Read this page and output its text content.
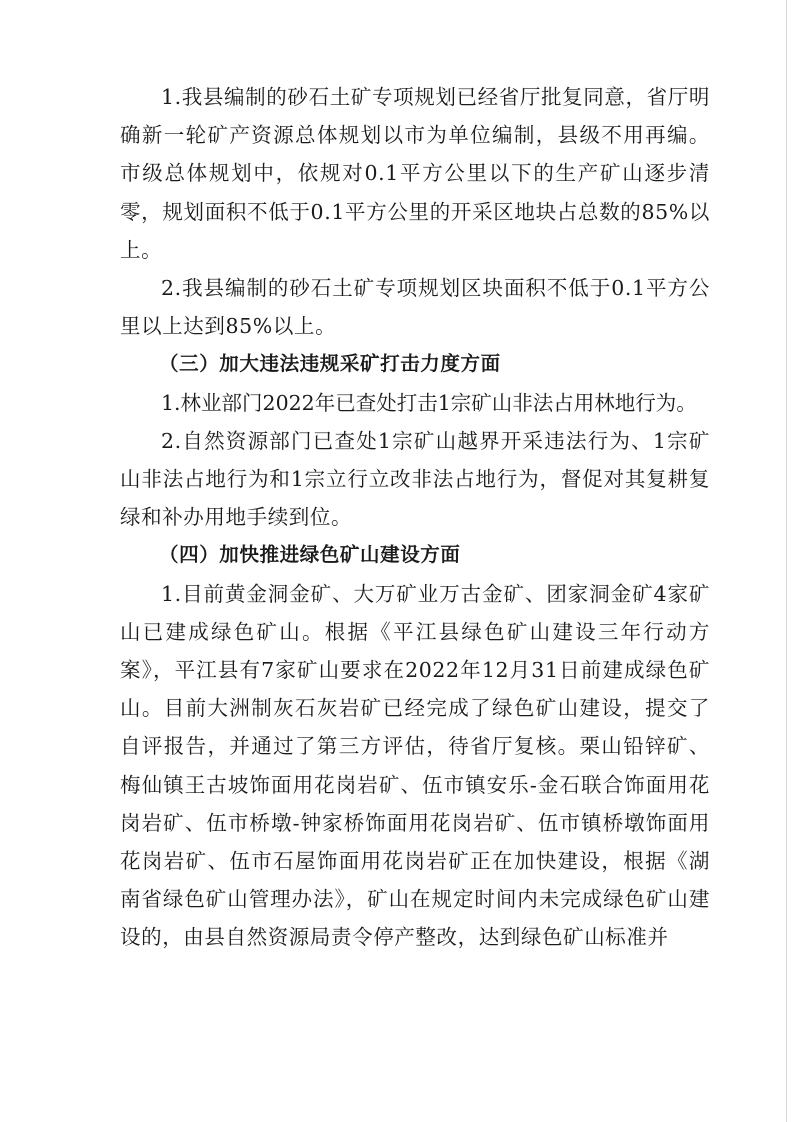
1.我县编制的砂石土矿专项规划已经省厅批复同意，省厅明确新一轮矿产资源总体规划以市为单位编制，县级不用再编。市级总体规划中，依规对0.1平方公里以下的生产矿山逐步清零，规划面积不低于0.1平方公里的开采区地块占总数的85%以上。

2.我县编制的砂石土矿专项规划区块面积不低于0.1平方公里以上达到85%以上。

（三）加大违法违规采矿打击力度方面

1.林业部门2022年已查处打击1宗矿山非法占用林地行为。

2.自然资源部门已查处1宗矿山越界开采违法行为、1宗矿山非法占地行为和1宗立行立改非法占地行为，督促对其复耕复绿和补办用地手续到位。

（四）加快推进绿色矿山建设方面

1.目前黄金洞金矿、大万矿业万古金矿、团家洞金矿4家矿山已建成绿色矿山。根据《平江县绿色矿山建设三年行动方案》，平江县有7家矿山要求在2022年12月31日前建成绿色矿山。目前大洲制灰石灰岩矿已经完成了绿色矿山建设，提交了自评报告，并通过了第三方评估，待省厅复核。栗山铅锌矿、梅仙镇王古坡饰面用花岗岩矿、伍市镇安乐-金石联合饰面用花岗岩矿、伍市桥墩-钟家桥饰面用花岗岩矿、伍市镇桥墩饰面用花岗岩矿、伍市石屋饰面用花岗岩矿正在加快建设，根据《湖南省绿色矿山管理办法》，矿山在规定时间内未完成绿色矿山建设的，由县自然资源局责令停产整改，达到绿色矿山标准并
